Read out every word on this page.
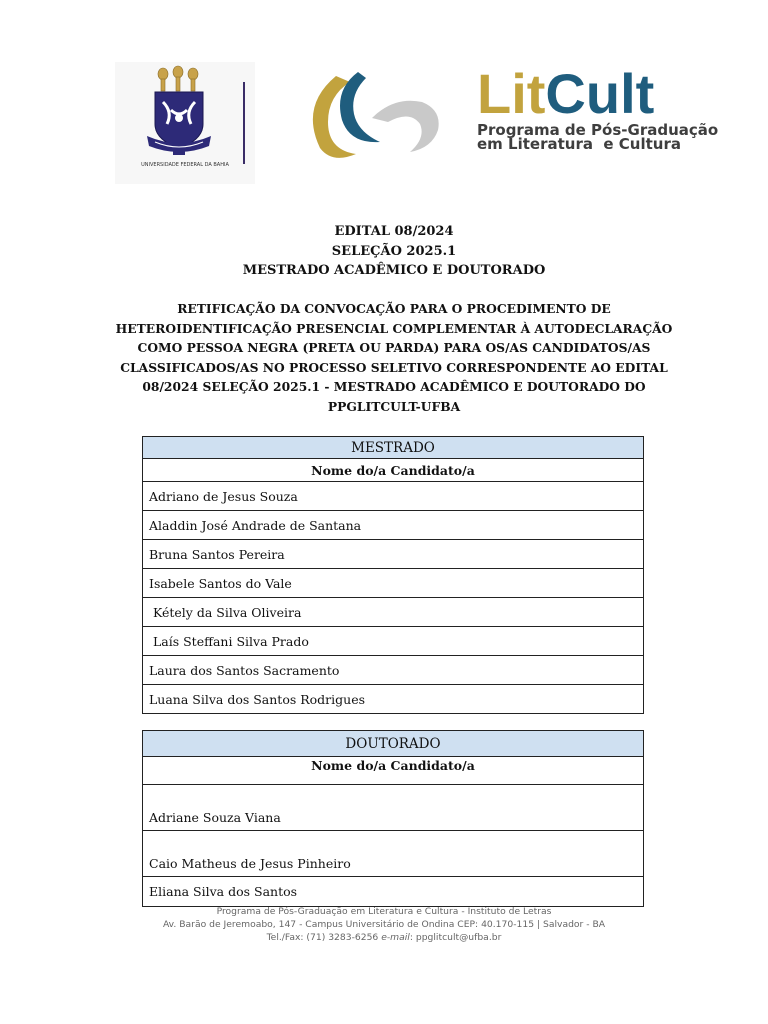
UNIVERSIDADE FEDERAL DA BAHIA
LitCult
Programa de Pós-Graduação
em Literatura  e Cultura

EDITAL 08/2024

SELEÇÃO 2025.1

MESTRADO ACADÊMICO E DOUTORADO

RETIFICAÇÃO DA CONVOCAÇÃO PARA O PROCEDIMENTO DE HETEROIDENTIFICAÇÃO PRESENCIAL COMPLEMENTAR À AUTODECLARAÇÃO COMO PESSOA NEGRA (PRETA OU PARDA) PARA OS/AS CANDIDATOS/AS CLASSIFICADOS/AS NO PROCESSO SELETIVO CORRESPONDENTE AO EDITAL 08/2024 SELEÇÃO 2025.1 - MESTRADO ACADÊMICO E DOUTORADO DO PPGLITCULT-UFBA

MESTRADO
Nome do/a Candidato/a
Adriano de Jesus Souza
Aladdin José Andrade de Santana
Bruna Santos Pereira
Isabele Santos do Vale
Kétely da Silva Oliveira
Laís Steffani Silva Prado
Laura dos Santos Sacramento
Luana Silva dos Santos Rodrigues
DOUTORADO
Nome do/a Candidato/a
Adriane Souza Viana
Caio Matheus de Jesus Pinheiro
Eliana Silva dos Santos

Programa de Pós-Graduação em Literatura e Cultura - Instituto de Letras

Av. Barão de Jeremoabo, 147 - Campus Universitário de Ondina CEP: 40.170-115 | Salvador - BA

Tel./Fax: (71) 3283-6256 e-mail: ppglitcult@ufba.br
